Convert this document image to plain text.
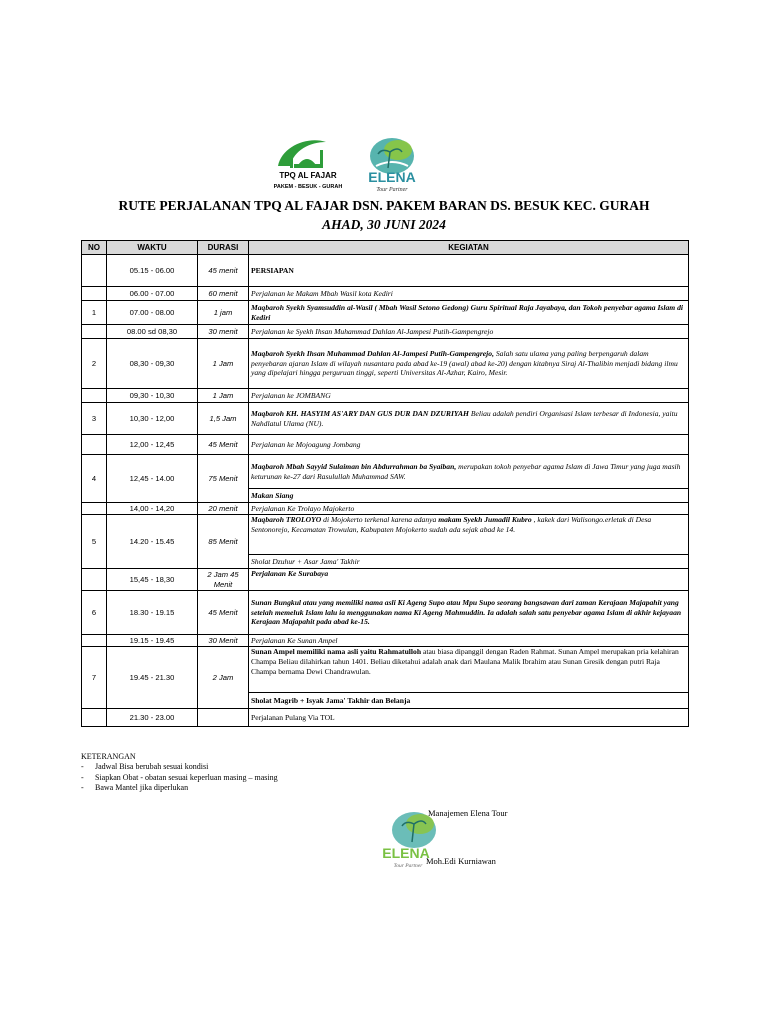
TPQ AL FAJAR
PAKEM - BESUK - GURAH
ELENA
Tour Partner
RUTE PERJALANAN TPQ AL FAJAR DSN. PAKEM BARAN DS. BESUK KEC. GURAH
AHAD, 30 JUNI 2024
NO	WAKTU	DURASI	KEGIATAN
	05.15 - 06.00	45 menit	PERSIAPAN
	06.00 - 07.00	60 menit	Perjalanan ke Makam Mbah Wasil kota Kediri
1	07.00 - 08.00	1 jam	Maqbaroh Syekh Syamsuddin al-Wasil ( Mbah Wasil Setono Gedong) Guru Spiritual Raja Jayabaya, dan Tokoh penyebar agama Islam di Kediri
	08.00 sd 08,30	30 menit	Perjalanan ke Syekh Ihsan Muhammad Dahlan Al-Jampesi Putih-Gampengrejo
2	08,30 - 09,30	1 Jam	Maqbaroh Syekh Ihsan Muhammad Dahlan Al-Jampesi Putih-Gampengrejo, Salah satu ulama yang paling berpengaruh dalam penyebaran ajaran Islam di wilayah nusantara pada abad ke-19 (awal) abad ke-20) dengan kitabnya Siraj Al-Thalibin menjadi bidang ilmu yang dipelajari hingga perguruan tinggi, seperti Universitas Al-Azhar, Kairo, Mesir.
	09,30 - 10,30	1 Jam	Perjalanan ke JOMBANG
3	10,30 - 12,00	1,5 Jam	Maqbaroh KH. HASYIM AS'ARY DAN GUS DUR DAN DZURIYAH Beliau adalah pendiri Organisasi Islam terbesar di Indonesia, yaitu Nahdlatul Ulama (NU).
	12,00 - 12,45	45 Menit	Perjalanan ke Mojoagung Jombang
4	12,45 - 14.00	75 Menit	Maqbaroh Mbah Sayyid Sulaiman bin Abdurrahman ba Syaiban, merupakan tokoh penyebar agama Islam di Jawa Timur yang juga masih keturunan ke-27 dari Rasulullah Muhammad SAW.
			Makan Siang
	14,00 - 14,20	20 menit	Perjalanan Ke Trolayo Majokerto
5	14.20 - 15.45	85 Menit	Maqbaroh TROLOYO di Mojokerto terkenal karena adanya makam Syekh Jumadil Kubro , kakek dari Walisongo.erletak di Desa Sentonorejo, Kecamatan Trowulan, Kabupaten Mojokerto sudah ada sejak abad ke 14.
			Sholat Dzuhur + Asar Jama' Takhir
	15,45 - 18,30	2 Jam 45 Menit	Perjalanan Ke Surabaya
6	18.30 - 19.15	45 Menit	Sunan Bungkul atau yang memiliki nama asli Ki Ageng Supo atau Mpu Supo seorang bangsawan dari zaman Kerajaan Majapahit yang setelah memeluk Islam lalu ia menggunakan nama Ki Ageng Mahmuddin. Ia adalah salah satu penyebar agama Islam di akhir kejayaan Kerajaan Majapahit pada abad ke-15.
	19.15 - 19.45	30 Menit	Perjalanan Ke Sunan Ampel
7	19.45 - 21.30	2 Jam	Sunan Ampel memiliki nama asli yaitu Rahmatulloh atau biasa dipanggil dengan Raden Rahmat. Sunan Ampel merupakan pria kelahiran Champa Beliau dilahirkan tahun 1401. Beliau diketahui adalah anak dari Maulana Malik Ibrahim atau Sunan Gresik dengan putri Raja Champa bernama Dewi Chandrawulan.
			Sholat Magrib + Isyak Jama' Takhir dan Belanja
	21.30 - 23.00		Perjalanan Pulang Via TOL
KETERANGAN
- Jadwal Bisa berubah sesuai kondisi
- Siapkan Obat - obatan sesuai keperluan masing – masing
- Bawa Mantel jika diperlukan
ELENA
Tour Partner
Manajemen Elena Tour
Moh.Edi Kurniawan
